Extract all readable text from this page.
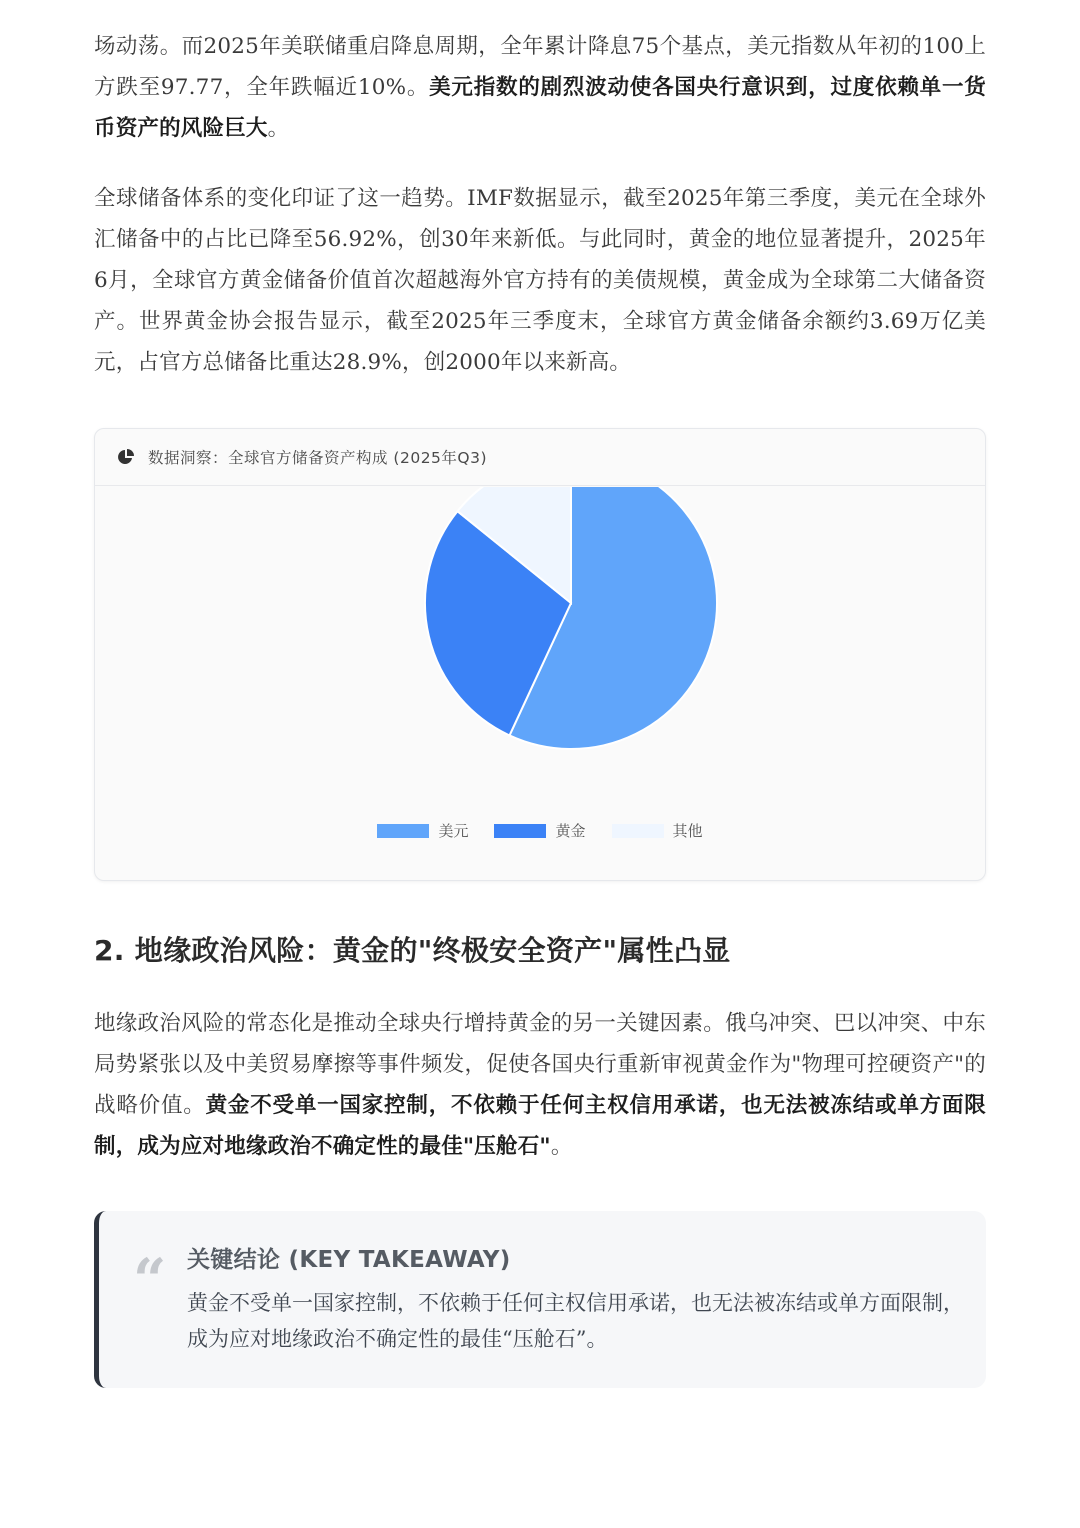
场动荡。而2025年美联储重启降息周期，全年累计降息75个基点，美元指数从年初的100上方跌至97.77，全年跌幅近10%。美元指数的剧烈波动使各国央行意识到，过度依赖单一货币资产的风险巨大。

全球储备体系的变化印证了这一趋势。IMF数据显示，截至2025年第三季度，美元在全球外汇储备中的占比已降至56.92%，创30年来新低。与此同时，黄金的地位显著提升，2025年6月，全球官方黄金储备价值首次超越海外官方持有的美债规模，黄金成为全球第二大储备资产。世界黄金协会报告显示，截至2025年三季度末，全球官方黄金储备余额约3.69万亿美元，占官方总储备比重达28.9%，创2000年以来新高。

数据洞察：全球官方储备资产构成 (2025年Q3)
美元	黄金	其他
2. 地缘政治风险：黄金的"终极安全资产"属性凸显

地缘政治风险的常态化是推动全球央行增持黄金的另一关键因素。俄乌冲突、巴以冲突、中东局势紧张以及中美贸易摩擦等事件频发，促使各国央行重新审视黄金作为"物理可控硬资产"的战略价值。黄金不受单一国家控制，不依赖于任何主权信用承诺，也无法被冻结或单方面限制，成为应对地缘政治不确定性的最佳"压舱石"。

“ 关键结论 (KEY TAKEAWAY)
黄金不受单一国家控制，不依赖于任何主权信用承诺，也无法被冻结或单方面限制，成为应对地缘政治不确定性的最佳“压舱石”。
